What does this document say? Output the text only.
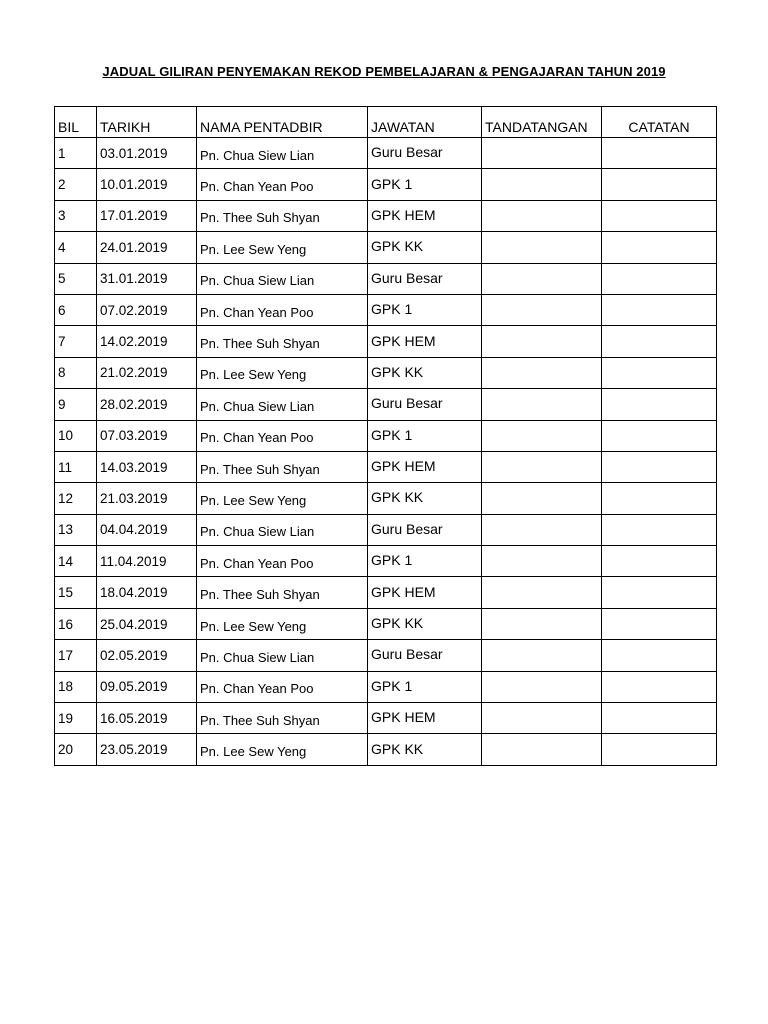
JADUAL GILIRAN PENYEMAKAN REKOD PEMBELAJARAN & PENGAJARAN TAHUN 2019
BIL	TARIKH	NAMA PENTADBIR	JAWATAN	TANDATANGAN	CATATAN
1	03.01.2019	Pn. Chua Siew Lian	Guru Besar		
2	10.01.2019	Pn. Chan Yean Poo	GPK 1		
3	17.01.2019	Pn. Thee Suh Shyan	GPK HEM		
4	24.01.2019	Pn. Lee Sew Yeng	GPK KK		
5	31.01.2019	Pn. Chua Siew Lian	Guru Besar		
6	07.02.2019	Pn. Chan Yean Poo	GPK 1		
7	14.02.2019	Pn. Thee Suh Shyan	GPK HEM		
8	21.02.2019	Pn. Lee Sew Yeng	GPK KK		
9	28.02.2019	Pn. Chua Siew Lian	Guru Besar		
10	07.03.2019	Pn. Chan Yean Poo	GPK 1		
11	14.03.2019	Pn. Thee Suh Shyan	GPK HEM		
12	21.03.2019	Pn. Lee Sew Yeng	GPK KK		
13	04.04.2019	Pn. Chua Siew Lian	Guru Besar		
14	11.04.2019	Pn. Chan Yean Poo	GPK 1		
15	18.04.2019	Pn. Thee Suh Shyan	GPK HEM		
16	25.04.2019	Pn. Lee Sew Yeng	GPK KK		
17	02.05.2019	Pn. Chua Siew Lian	Guru Besar		
18	09.05.2019	Pn. Chan Yean Poo	GPK 1		
19	16.05.2019	Pn. Thee Suh Shyan	GPK HEM		
20	23.05.2019	Pn. Lee Sew Yeng	GPK KK		
